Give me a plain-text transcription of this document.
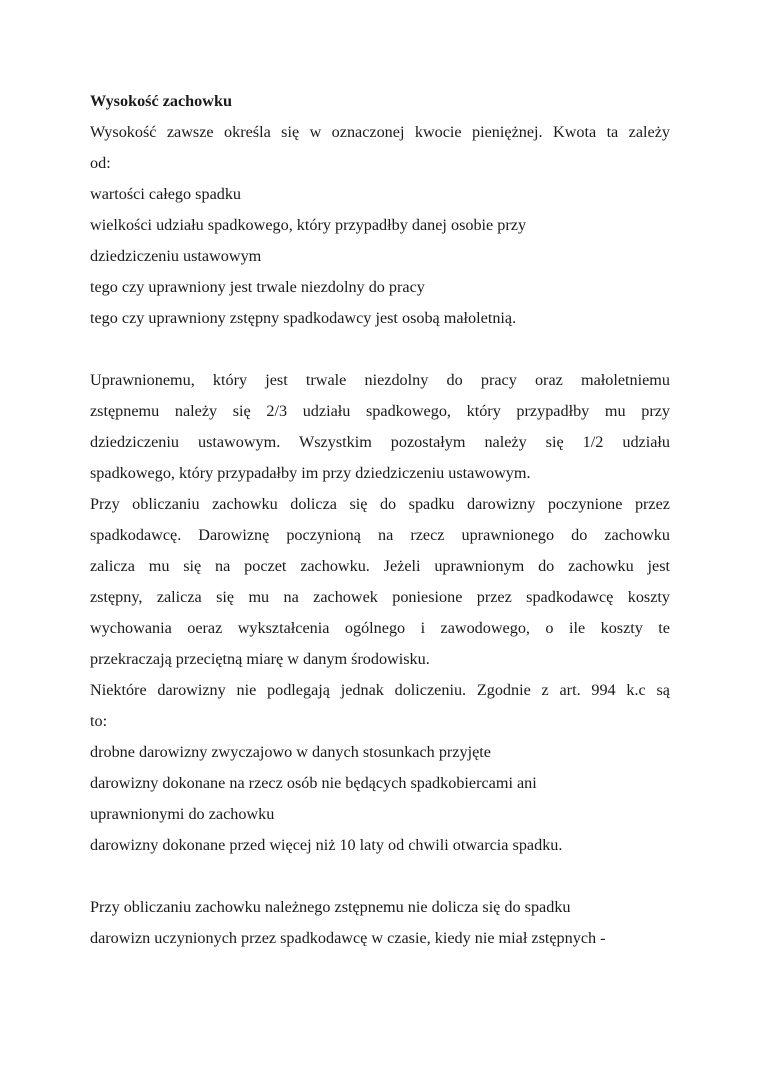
Wysokość zachowku
Wysokość zawsze określa się w oznaczonej kwocie pieniężnej. Kwota ta zależy
od:
wartości całego spadku
wielkości udziału spadkowego, który przypadłby danej osobie przy
dziedziczeniu ustawowym
tego czy uprawniony jest trwale niezdolny do pracy
tego czy uprawniony zstępny spadkodawcy jest osobą małoletnią.
Uprawnionemu, który jest trwale niezdolny do pracy oraz małoletniemu
zstępnemu należy się 2/3 udziału spadkowego, który przypadłby mu przy
dziedziczeniu ustawowym. Wszystkim pozostałym należy się 1/2 udziału
spadkowego, który przypadałby im przy dziedziczeniu ustawowym.
Przy obliczaniu zachowku dolicza się do spadku darowizny poczynione przez
spadkodawcę. Darowiznę poczynioną na rzecz uprawnionego do zachowku
zalicza mu się na poczet zachowku. Jeżeli uprawnionym do zachowku jest
zstępny, zalicza się mu na zachowek poniesione przez spadkodawcę koszty
wychowania oeraz wykształcenia ogólnego i zawodowego, o ile koszty te
przekraczają przeciętną miarę w danym środowisku.
Niektóre darowizny nie podlegają jednak doliczeniu. Zgodnie z art. 994 k.c są
to:
drobne darowizny zwyczajowo w danych stosunkach przyjęte
darowizny dokonane na rzecz osób nie będących spadkobiercami ani
uprawnionymi do zachowku
darowizny dokonane przed więcej niż 10 laty od chwili otwarcia spadku.
Przy obliczaniu zachowku należnego zstępnemu nie dolicza się do spadku
darowizn uczynionych przez spadkodawcę w czasie, kiedy nie miał zstępnych -
